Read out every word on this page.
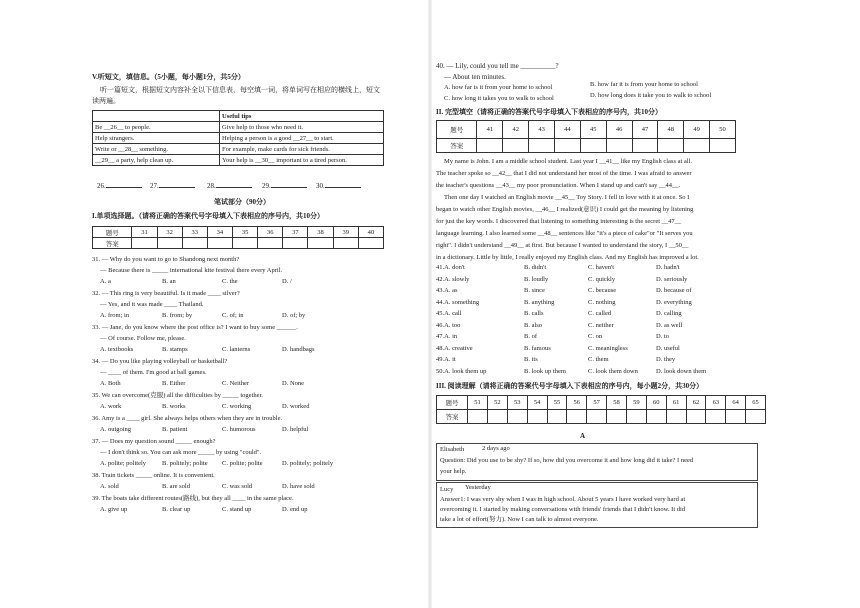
V.听短文，填信息。（5小题，每小题1分，共5分）
听一篇短文，根据短文内容补全以下信息表，每空填一词，将单词写在相应的横线上，短文
读两遍。
	Useful tips
Be __26__ to people.	Give help to those who need it.
Help strangers.	Helping a person is a good __27__ to start.
Write or __28__ something.	For example, make cards for sick friends.
__29__ a party, help clean up.	Your help is __30__ important to a tired person.
26.	27.	28.	29.	30.
笔试部分（90分）
I.单项选择题。（请将正确的答案代号字母填入下表相应的序号内，共10分）
题号	31	32	33	34	35	36	37	38	39	40
答案										
31. — Why do you want to go to Shandong next month?
— Because there is _____ international kite festival there every April.
A. a	B. an	C. the	D. /
32. — This ring is very beautiful. Is it made ____ silver?
— Yes, and it was made ____ Thailand.
A. from; in	B. from; by	C. of; in	D. of; by
33. — Jane, do you know where the post office is? I want to buy some ______.
— Of course. Follow me, please.
A. textbooks	B. stamps	C. lanterns	D. handbags
34. — Do you like playing volleyball or basketball?
— ____ of them. I'm good at ball games.
A. Both	B. Either	C. Neither	D. None
35. We can overcome(克服) all the difficulties by _____ together.
A. work	B. works	C. working	D. worked
36. Amy is a ____ girl. She always helps others when they are in trouble.
A. outgoing	B. patient	C. humorous	D. helpful
37. — Does my question sound _____ enough?
— I don't think so. You can ask more _____ by using "could".
A. polite; politely B. politely; polite C. polite; polite	D. politely; politely
38. Train tickets _____ online. It is convenient.
A. sold	B. are sold	C. was sold	D. have sold
39. The boats take different routes(路线), but they all ____ in the same place.
A. give up	B. clear up	C. stand up	D. end up
40. — Lily, could you tell me __________?
— About ten minutes.
A. how far is it from your home to school	B. how far it is from your home to school
C. how long it takes you to walk to school	D. how long does it take you to walk to school
II. 完型填空（请将正确的答案代号字母填入下表相应的序号内，共10分）
题号	41	42	43	44	45	46	47	48	49	50
答案										
My name is John. I am a middle school student. Last year I __41__ like my English class at all.
The teacher spoke so __42__ that I did not understand her most of the time. I was afraid to answer
the teacher's questions __43__ my poor pronunciation. When I stand up and can't say __44__.
Then one day I watched an English movie __45__ Toy Story. I fell in love with it at once. So I
began to watch other English movies, __46__ I realized(意识) I could get the meaning by listening
for just the key words. I discovered that listening to something interesting is the secret __47__
language learning. I also learned some __48__ sentences like "it's a piece of cake"or "It serves you
right". I didn't understand __49__ at first. But because I wanted to understand the story, I __50__
in a dictionary. Little by little, I really enjoyed my English class. And my English has improved a lot.
41.A. don't	B. didn't	C. haven't	D. hadn't
42.A. slowly	B. loudly	C. quickly	D. seriously
43.A. as	B. since	C. because	D. because of
44.A. something	B. anything	C. nothing	D. everything
45.A. call	B. calls	C. called	D. calling
46.A. too	B. also	C. neither	D. as well
47.A. in	B. of	C. on	D. to
48.A. creative	B. famous	C. meaningless	D. useful
49.A. it	B. its	C. them	D. they
50.A. look them up	B. look up them	C. look them down	D. look down them
III. 阅读理解（请将正确的答案代号字母填入下表相应的序号内，每小题2分，共30分）
题号	51	52	53	54	55	56	57	58	59	60	61	62	63	64	65
答案															
A
Elisabeth	2 days ago
Question: Did you use to be shy? If so, how did you overcome it and how long did it take? I need
your help.
Lucy Yesterday
Answer1: I was very shy when I was in high school. About 5 years I have worked very hard at
overcoming it. I started by making conversations with friends' friends that I didn't know. It did
take a lot of effort(努力). Now I can talk to almost everyone.
